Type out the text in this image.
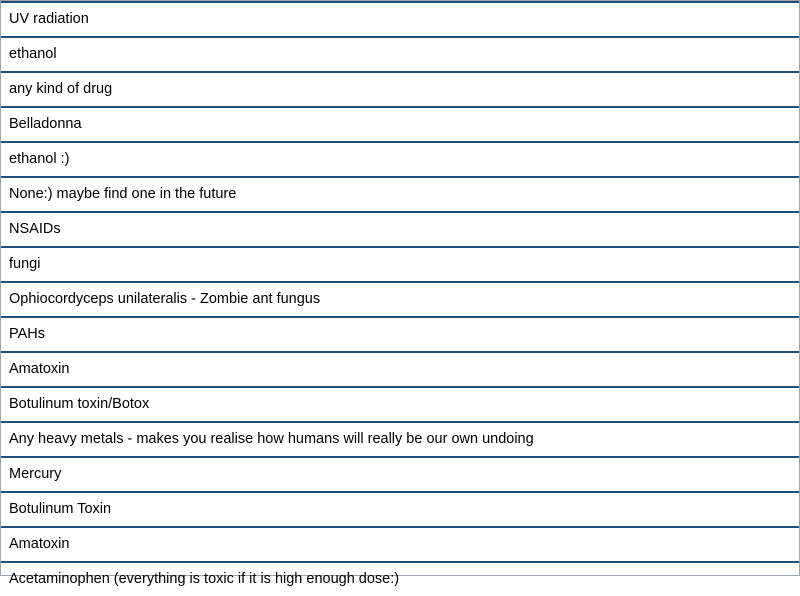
UV radiation
ethanol
any kind of drug
Belladonna
ethanol :)
None:) maybe find one in the future
NSAIDs
fungi
Ophiocordyceps unilateralis - Zombie ant fungus
PAHs
Amatoxin
Botulinum toxin/Botox
Any heavy metals - makes you realise how humans will really be our own undoing
Mercury
Botulinum Toxin
Amatoxin
Acetaminophen (everything is toxic if it is high enough dose:)
